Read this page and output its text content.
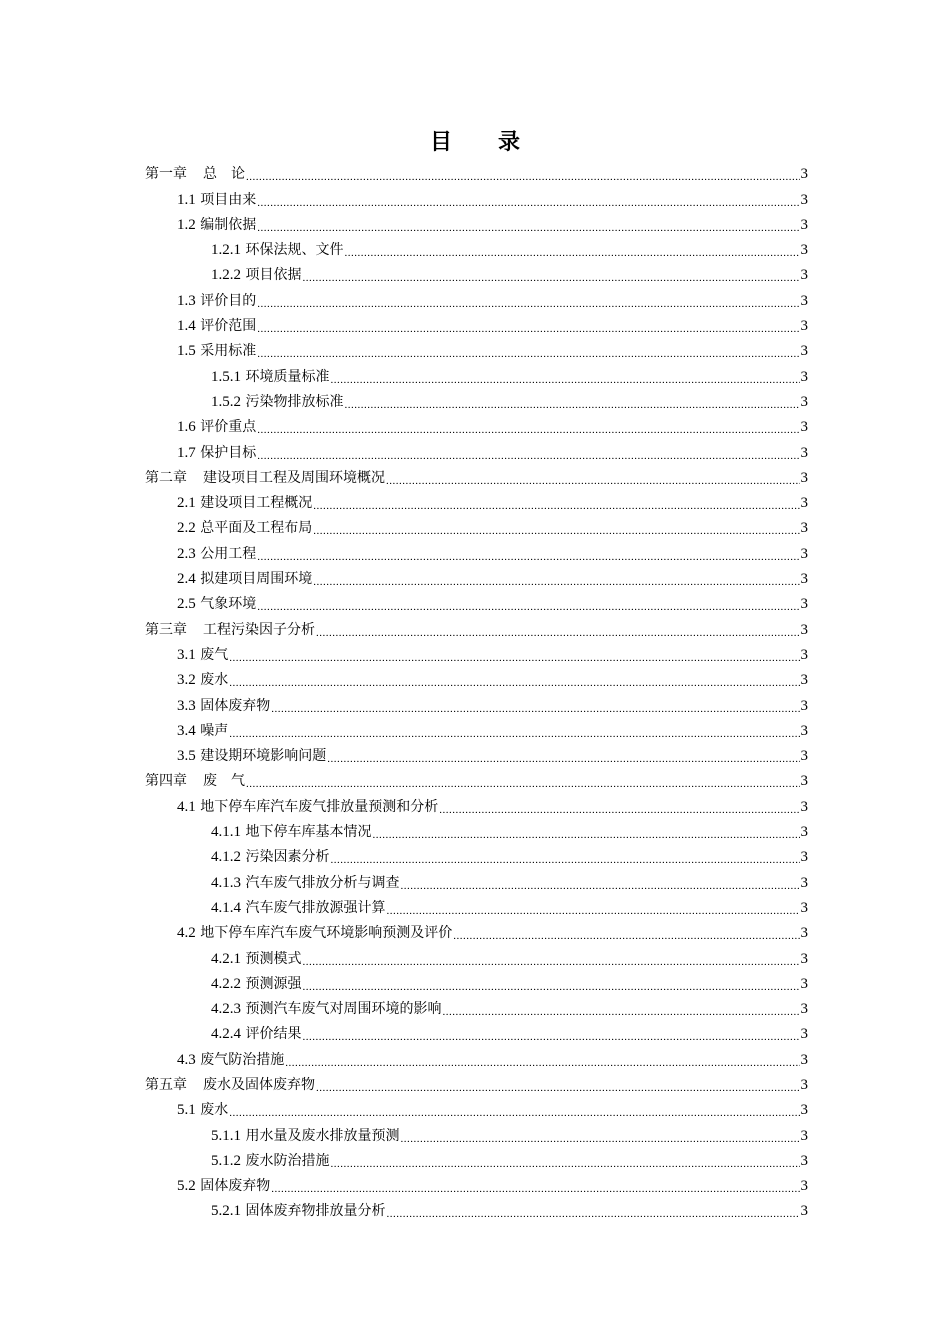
目 录
第一章 总　论 .....	3
1.1 项目由来 .....	3
1.2 编制依据 .....	3
1.2.1 环保法规、文件 .....	3
1.2.2 项目依据 .....	3
1.3 评价目的 .....	3
1.4 评价范围 .....	3
1.5 采用标准 .....	3
1.5.1 环境质量标准 .....	3
1.5.2 污染物排放标准 .....	3
1.6 评价重点 .....	3
1.7 保护目标 .....	3
第二章 建设项目工程及周围环境概况 .....	3
2.1 建设项目工程概况 .....	3
2.2 总平面及工程布局 .....	3
2.3 公用工程 .....	3
2.4 拟建项目周围环境 .....	3
2.5 气象环境 .....	3
第三章 工程污染因子分析 .....	3
3.1 废气 .....	3
3.2 废水 .....	3
3.3 固体废弃物 .....	3
3.4 噪声 .....	3
3.5 建设期环境影响问题 .....	3
第四章 废　气 .....	3
4.1 地下停车库汽车废气排放量预测和分析 .....	3
4.1.1 地下停车库基本情况 .....	3
4.1.2 污染因素分析 .....	3
4.1.3 汽车废气排放分析与调查 .....	3
4.1.4 汽车废气排放源强计算 .....	3
4.2 地下停车库汽车废气环境影响预测及评价 .....	3
4.2.1 预测模式 .....	3
4.2.2 预测源强 .....	3
4.2.3 预测汽车废气对周围环境的影响 .....	3
4.2.4 评价结果 .....	3
4.3 废气防治措施 .....	3
第五章 废水及固体废弃物 .....	3
5.1 废水 .....	3
5.1.1 用水量及废水排放量预测 .....	3
5.1.2 废水防治措施 .....	3
5.2 固体废弃物 .....	3
5.2.1 固体废弃物排放量分析 .....	3
